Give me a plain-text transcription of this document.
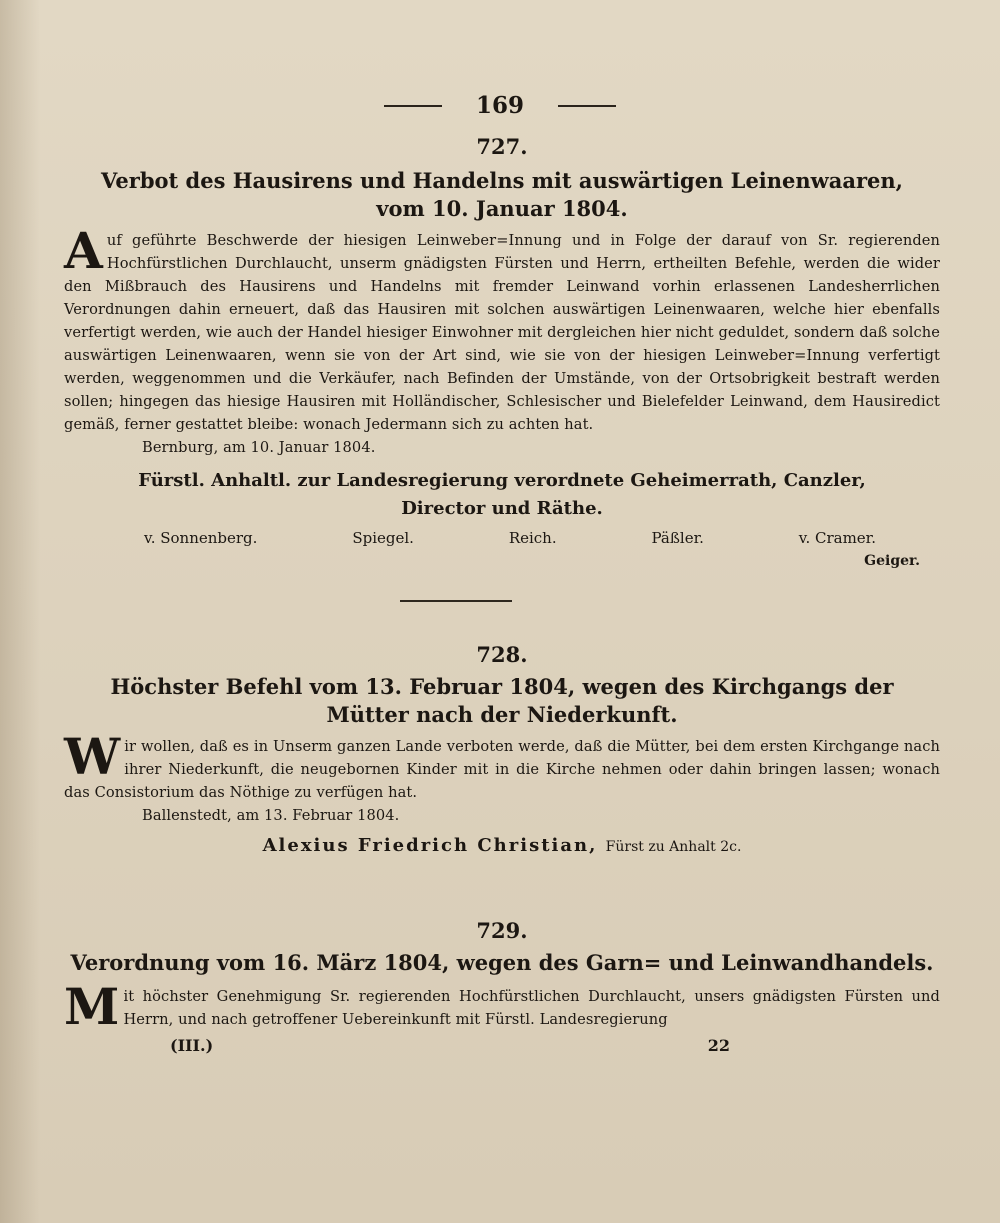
169
727.
Verbot des Hausirens und Handelns mit auswärtigen Leinenwaaren,
vom 10. Januar 1804.

Auf geführte Beschwerde der hiesigen Leinweber=Innung und in Folge der darauf von Sr. regierenden Hochfürstlichen Durchlaucht, unserm gnädigsten Fürsten und Herrn, ertheilten Befehle, werden die wider den Mißbrauch des Hausirens und Handelns mit fremder Leinwand vorhin erlassenen Landesherrlichen Verordnungen dahin erneuert, daß das Hausiren mit solchen auswärtigen Leinenwaaren, welche hier ebenfalls verfertigt werden, wie auch der Handel hiesiger Einwohner mit dergleichen hier nicht geduldet, sondern daß solche auswärtigen Leinenwaaren, wenn sie von der Art sind, wie sie von der hiesigen Leinweber=Innung verfertigt werden, weggenommen und die Verkäufer, nach Befinden der Umstände, von der Ortsobrigkeit bestraft werden sollen; hingegen das hiesige Hausiren mit Holländischer, Schlesischer und Bielefelder Leinwand, dem Hausiredict gemäß, ferner gestattet bleibe: wonach Jedermann sich zu achten hat.

Bernburg, am 10. Januar 1804.

Fürstl. Anhaltl. zur Landesregierung verordnete Geheimerrath, Canzler,
Director und Räthe.
v. Sonnenberg.	Spiegel.	Reich.	Päßler.	v. Cramer.
Geiger.
728.
Höchster Befehl vom 13. Februar 1804, wegen des Kirchgangs der
Mütter nach der Niederkunft.

Wir wollen, daß es in Unserm ganzen Lande verboten werde, daß die Mütter, bei dem ersten Kirchgange nach ihrer Niederkunft, die neugebornen Kinder mit in die Kirche nehmen oder dahin bringen lassen; wonach das Consistorium das Nöthige zu verfügen hat.

Ballenstedt, am 13. Februar 1804.

Alexius Friedrich Christian, Fürst zu Anhalt 2c.
729.
Verordnung vom 16. März 1804, wegen des Garn= und Leinwandhandels.

Mit höchster Genehmigung Sr. regierenden Hochfürstlichen Durchlaucht, unsers gnädigsten Fürsten und Herrn, und nach getroffener Uebereinkunft mit Fürstl. Landesregierung

(III.)	22
